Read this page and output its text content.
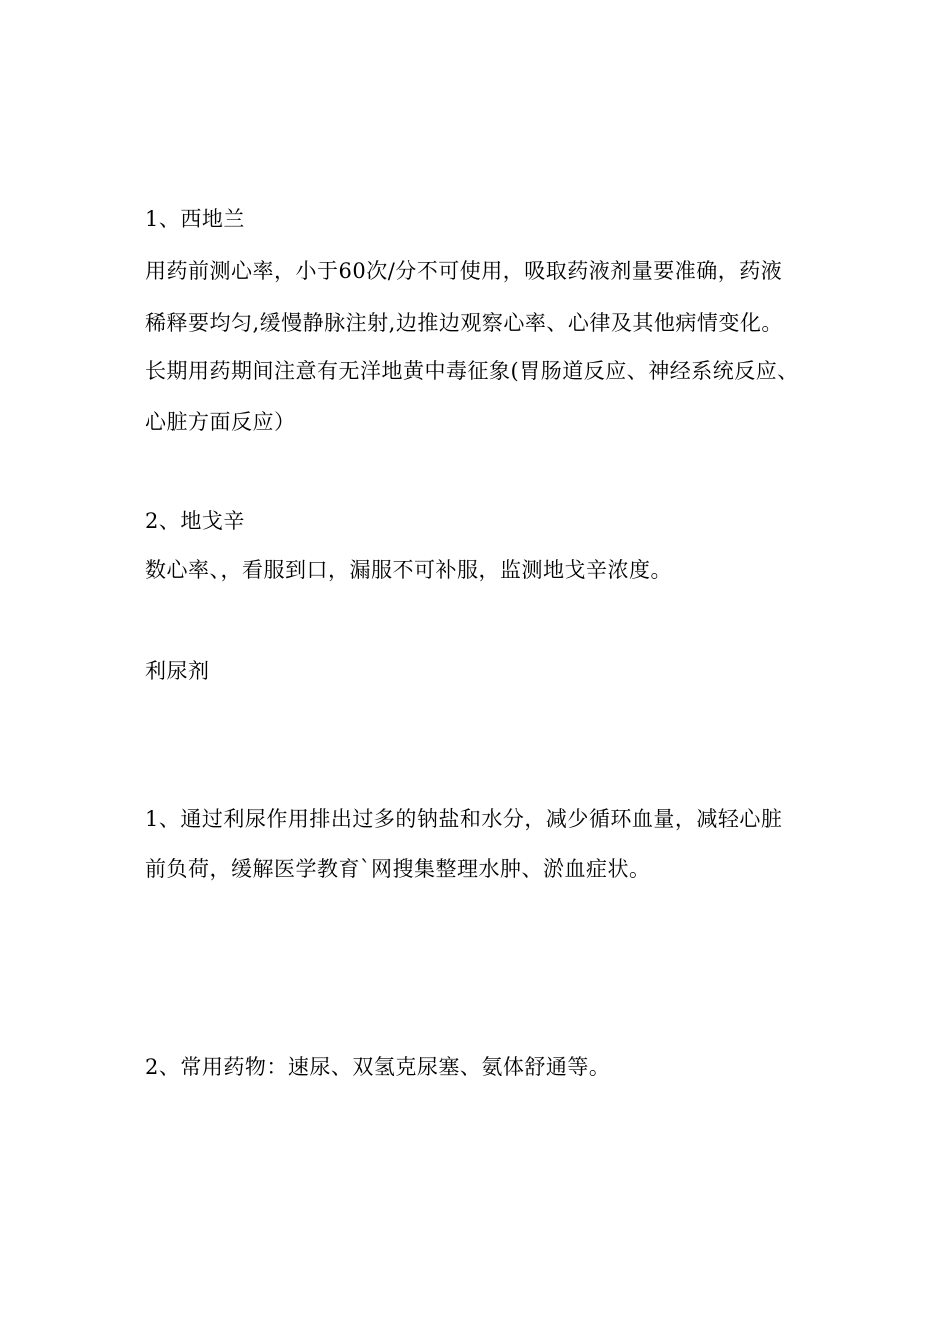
1、西地兰
用药前测心率，小于60次/分不可使用，吸取药液剂量要准确，药液
稀释要均匀,缓慢静脉注射,边推边观察心率、心律及其他病情变化。
长期用药期间注意有无洋地黄中毒征象(胃肠道反应、神经系统反应、
心脏方面反应）
2、地戈辛
数心率、，看服到口，漏服不可补服，监测地戈辛浓度。
利尿剂
1、通过利尿作用排出过多的钠盐和水分，减少循环血量，减轻心脏
前负荷，缓解医学教育`网搜集整理水肿、淤血症状。
2、常用药物：速尿、双氢克尿塞、氨体舒通等。
